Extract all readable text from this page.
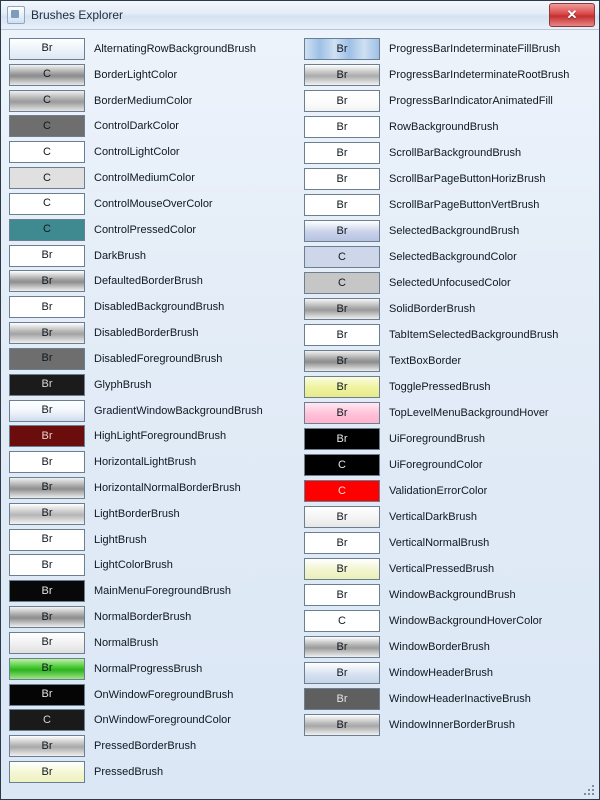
Brushes Explorer	✕
Br	AlternatingRowBackgroundBrush
C	BorderLightColor
C	BorderMediumColor
C	ControlDarkColor
C	ControlLightColor
C	ControlMediumColor
C	ControlMouseOverColor
C	ControlPressedColor
Br	DarkBrush
Br	DefaultedBorderBrush
Br	DisabledBackgroundBrush
Br	DisabledBorderBrush
Br	DisabledForegroundBrush
Br	GlyphBrush
Br	GradientWindowBackgroundBrush
Br	HighLightForegroundBrush
Br	HorizontalLightBrush
Br	HorizontalNormalBorderBrush
Br	LightBorderBrush
Br	LightBrush
Br	LightColorBrush
Br	MainMenuForegroundBrush
Br	NormalBorderBrush
Br	NormalBrush
Br	NormalProgressBrush
Br	OnWindowForegroundBrush
C	OnWindowForegroundColor
Br	PressedBorderBrush
Br	PressedBrush
Br	ProgressBarIndeterminateFillBrush
Br	ProgressBarIndeterminateRootBrush
Br	ProgressBarIndicatorAnimatedFill
Br	RowBackgroundBrush
Br	ScrollBarBackgroundBrush
Br	ScrollBarPageButtonHorizBrush
Br	ScrollBarPageButtonVertBrush
Br	SelectedBackgroundBrush
C	SelectedBackgroundColor
C	SelectedUnfocusedColor
Br	SolidBorderBrush
Br	TabItemSelectedBackgroundBrush
Br	TextBoxBorder
Br	TogglePressedBrush
Br	TopLevelMenuBackgroundHover
Br	UiForegroundBrush
C	UiForegroundColor
C	ValidationErrorColor
Br	VerticalDarkBrush
Br	VerticalNormalBrush
Br	VerticalPressedBrush
Br	WindowBackgroundBrush
C	WindowBackgroundHoverColor
Br	WindowBorderBrush
Br	WindowHeaderBrush
Br	WindowHeaderInactiveBrush
Br	WindowInnerBorderBrush
